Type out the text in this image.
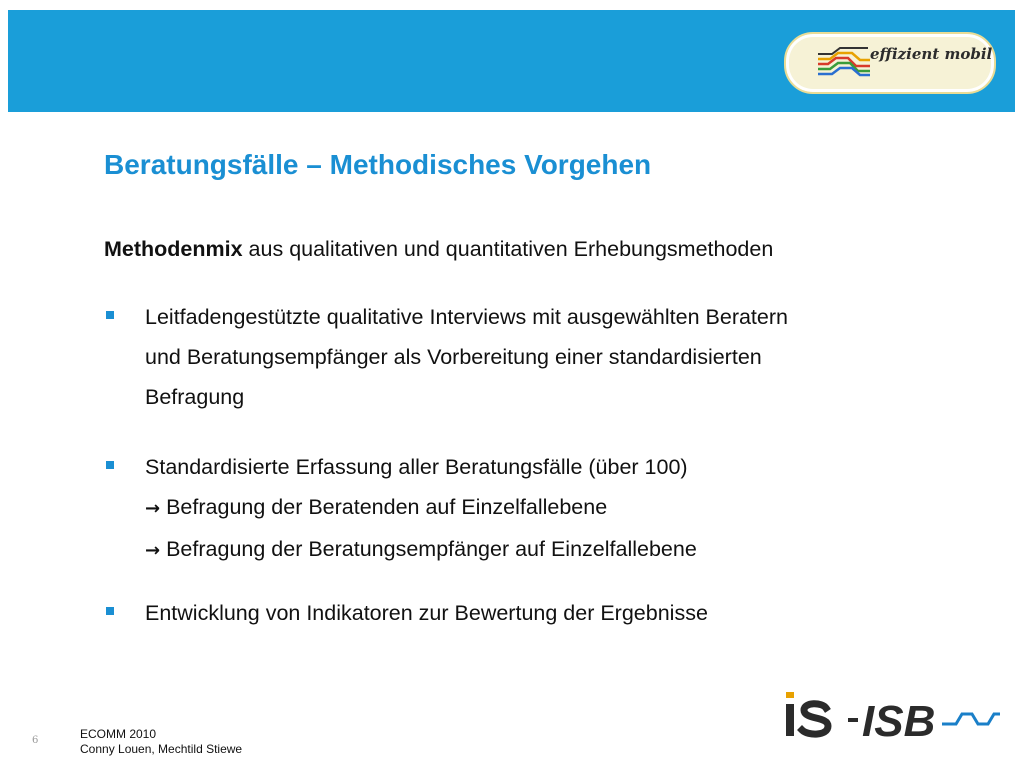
effizient mobil
Beratungsfälle – Methodisches Vorgehen
Methodenmix aus qualitativen und quantitativen Erhebungsmethoden
Leitfadengestützte qualitative Interviews mit ausgewählten Beratern
und Beratungsempfänger als Vorbereitung einer standardisierten
Befragung
Standardisierte Erfassung aller Beratungsfälle (über 100)
→ Befragung der Beratenden auf Einzelfallebene
→ Befragung der Beratungsempfänger auf Einzelfallebene
Entwicklung von Indikatoren zur Bewertung der Ergebnisse
6	ECOMM 2010
Conny Louen, Mechtild Stiewe
ISB
